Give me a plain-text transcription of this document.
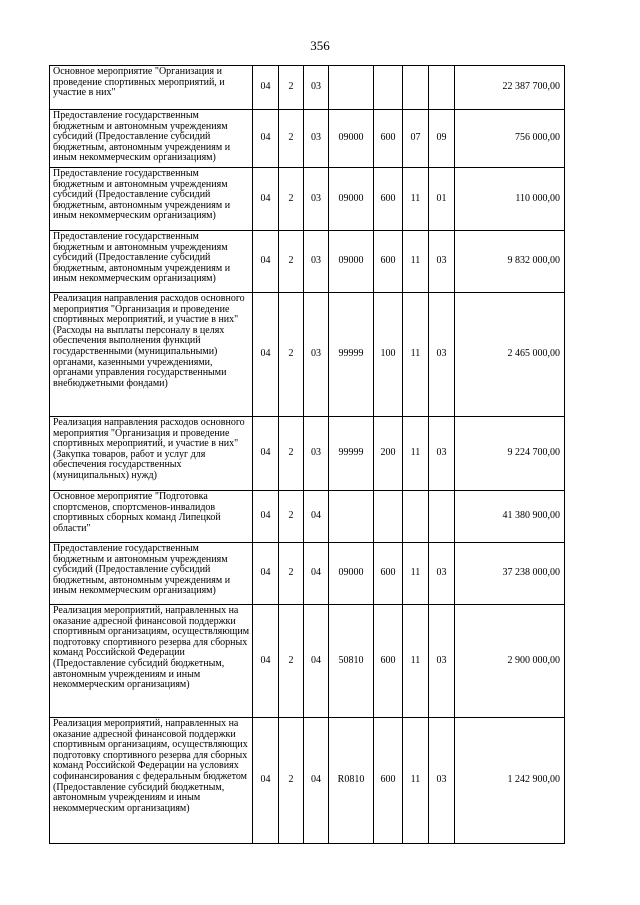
356
Основное мероприятие "Организация и проведение спортивных мероприятий, и участие в них"	04	2	03					22 387 700,00
Предоставление государственным бюджетным и автономным учреждениям субсидий (Предоставление субсидий бюджетным, автономным учреждениям и иным некоммерческим организациям)	04	2	03	09000	600	07	09	756 000,00
Предоставление государственным бюджетным и автономным учреждениям субсидий (Предоставление субсидий бюджетным, автономным учреждениям и иным некоммерческим организациям)	04	2	03	09000	600	11	01	110 000,00
Предоставление государственным бюджетным и автономным учреждениям субсидий (Предоставление субсидий бюджетным, автономным учреждениям и иным некоммерческим организациям)	04	2	03	09000	600	11	03	9 832 000,00
Реализация направления расходов основного мероприятия "Организация и проведение спортивных мероприятий, и участие в них" (Расходы на выплаты персоналу в целях обеспечения выполнения функций государственными (муниципальными) органами, казенными учреждениями, органами управления государственными внебюджетными фондами)	04	2	03	99999	100	11	03	2 465 000,00
Реализация направления расходов основного мероприятия "Организация и проведение спортивных мероприятий, и участие в них" (Закупка товаров, работ и услуг для обеспечения государственных (муниципальных) нужд)	04	2	03	99999	200	11	03	9 224 700,00
Основное мероприятие "Подготовка спортсменов, спортсменов-инвалидов спортивных сборных команд Липецкой области"	04	2	04					41 380 900,00
Предоставление государственным бюджетным и автономным учреждениям субсидий (Предоставление субсидий бюджетным, автономным учреждениям и иным некоммерческим организациям)	04	2	04	09000	600	11	03	37 238 000,00
Реализация мероприятий, направленных на оказание адресной финансовой поддержки спортивным организациям, осуществляющим подготовку спортивного резерва для сборных команд Российской Федерации (Предоставление субсидий бюджетным, автономным учреждениям и иным некоммерческим организациям)	04	2	04	50810	600	11	03	2 900 000,00
Реализация мероприятий, направленных на оказание адресной финансовой поддержки спортивным организациям, осуществляющих подготовку спортивного резерва для сборных команд Российской Федерации на условиях софинансирования с федеральным бюджетом (Предоставление субсидий бюджетным, автономным учреждениям и иным некоммерческим организациям)	04	2	04	R0810	600	11	03	1 242 900,00
